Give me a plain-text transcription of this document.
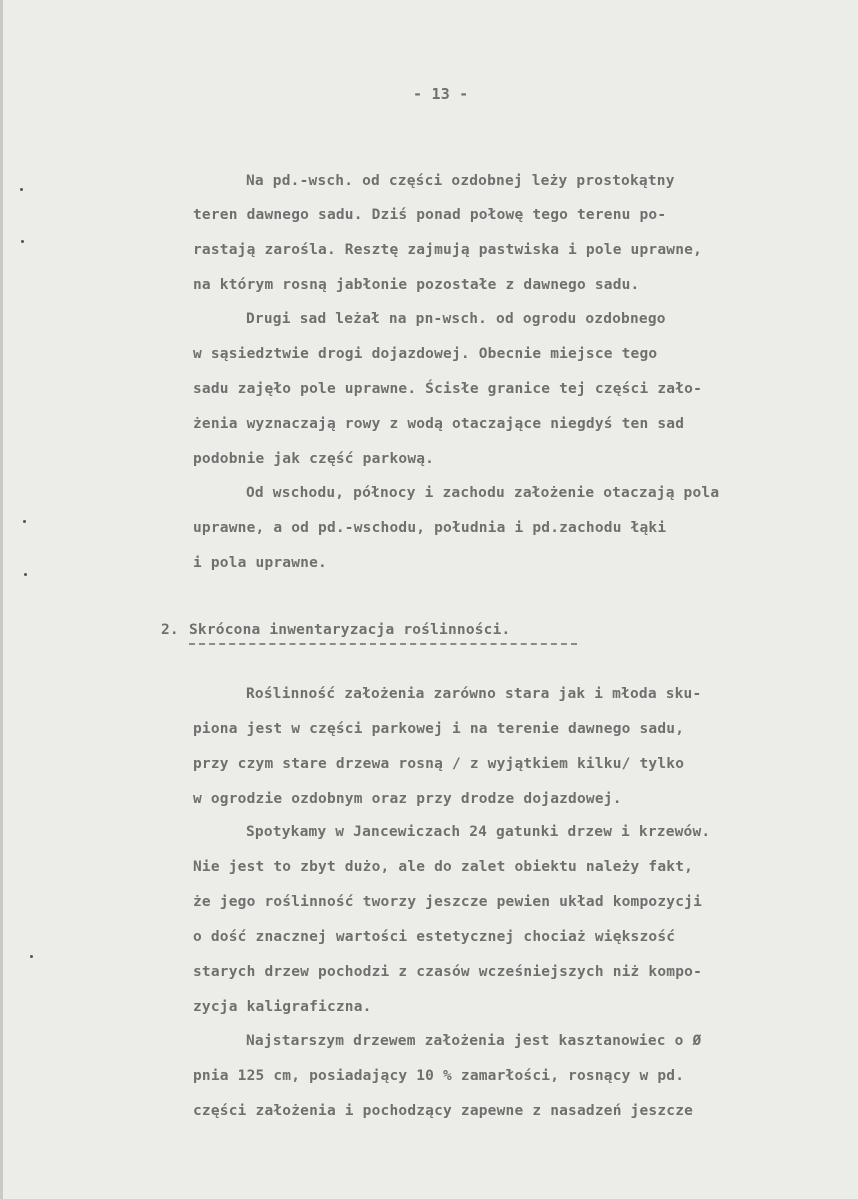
- 13 -
Na pd.-wsch. od części ozdobnej leży prostokątny
teren dawnego sadu. Dziś ponad połowę tego terenu po-
rastają zarośla. Resztę zajmują pastwiska i pole uprawne,
na którym rosną jabłonie pozostałe z dawnego sadu.
Drugi sad leżał na pn-wsch. od ogrodu ozdobnego
w sąsiedztwie drogi dojazdowej. Obecnie miejsce tego
sadu zajęło pole uprawne. Ścisłe granice tej części zało-
żenia wyznaczają rowy z wodą otaczające niegdyś ten sad
podobnie jak część parkową.
Od wschodu, północy i zachodu założenie otaczają pola
uprawne, a od pd.-wschodu, południa i pd.zachodu łąki
i pola uprawne.
2. Skrócona inwentaryzacja roślinności.
Roślinność założenia zarówno stara jak i młoda sku-
piona jest w części parkowej i na terenie dawnego sadu,
przy czym stare drzewa rosną / z wyjątkiem kilku/ tylko
w ogrodzie ozdobnym oraz przy drodze dojazdowej.
Spotykamy w Jancewiczach 24 gatunki drzew i krzewów.
Nie jest to zbyt dużo, ale do zalet obiektu należy fakt,
że jego roślinność tworzy jeszcze pewien układ kompozycji
o dość znacznej wartości estetycznej chociaż większość
starych drzew pochodzi z czasów wcześniejszych niż kompo-
zycja kaligraficzna.
Najstarszym drzewem założenia jest kasztanowiec o Ø
pnia 125 cm, posiadający 10 % zamarłości, rosnący w pd.
części założenia i pochodzący zapewne z nasadzeń jeszcze
